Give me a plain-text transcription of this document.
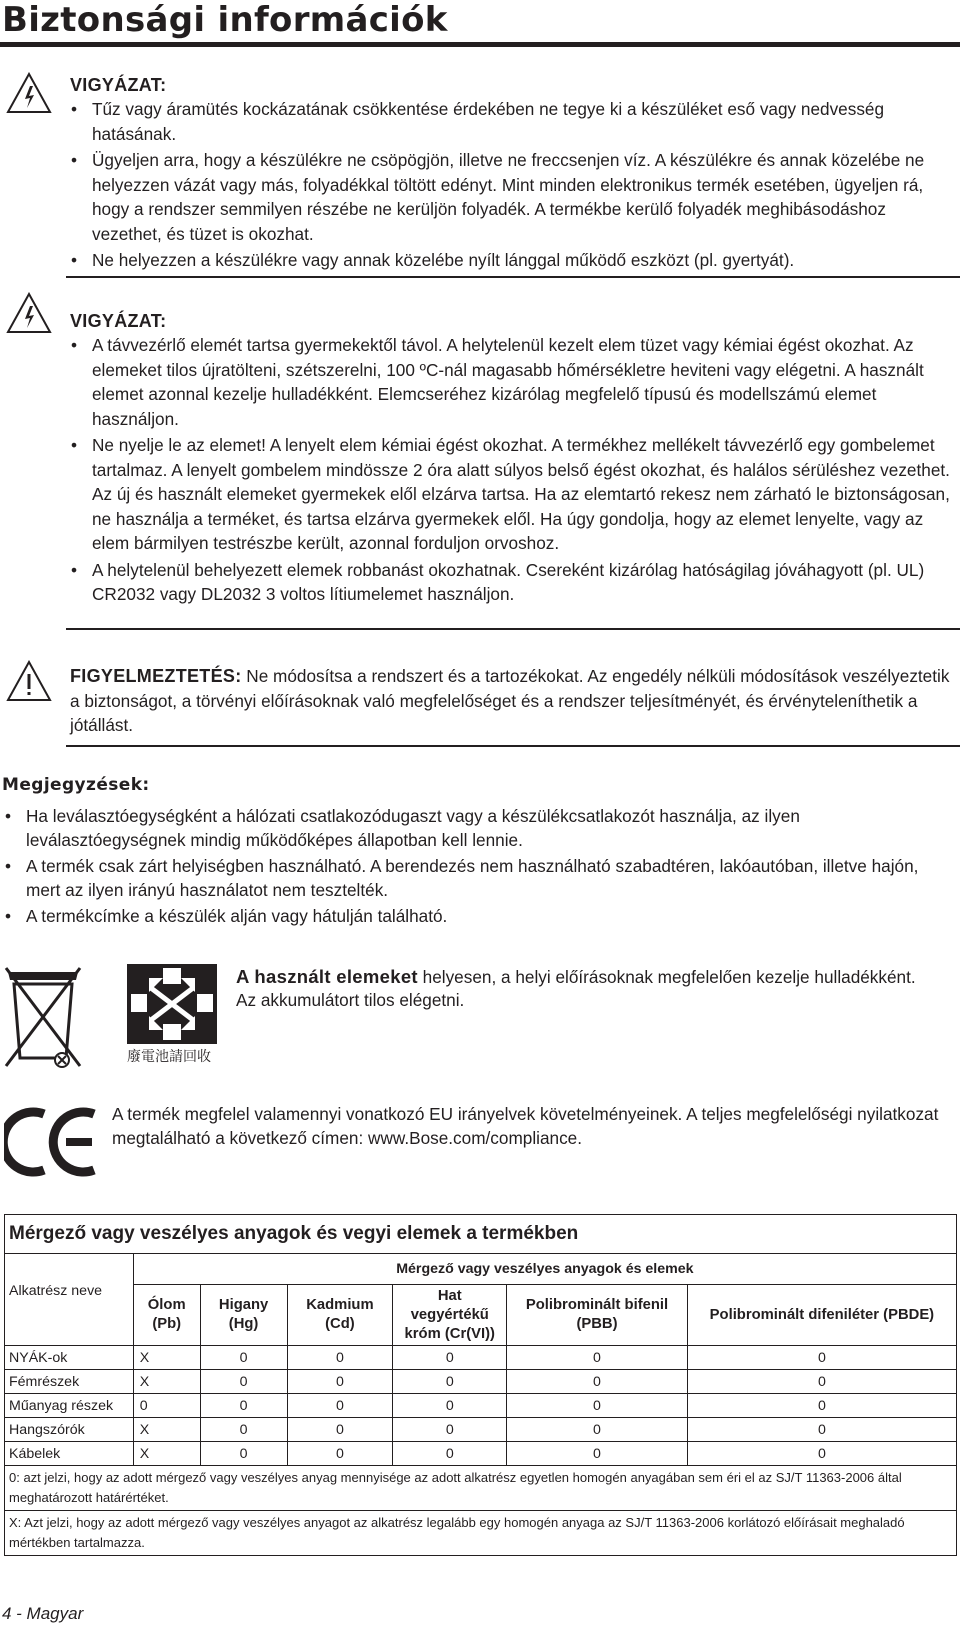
Biztonsági információk
VIGYÁZAT:
• Tűz vagy áramütés kockázatának csökkentése érdekében ne tegye ki a készüléket eső vagy nedvesség hatásának.
• Ügyeljen arra, hogy a készülékre ne csöpögjön, illetve ne freccsenjen víz. A készülékre és annak közelébe ne helyezzen vázát vagy más, folyadékkal töltött edényt. Mint minden elektronikus termék esetében, ügyeljen rá, hogy a rendszer semmilyen részébe ne kerüljön folyadék. A termékbe kerülő folyadék meghibásodáshoz vezethet, és tüzet is okozhat.
• Ne helyezzen a készülékre vagy annak közelébe nyílt lánggal működő eszközt (pl. gyertyát).
VIGYÁZAT:
• A távvezérlő elemét tartsa gyermekektől távol. A helytelenül kezelt elem tüzet vagy kémiai égést okozhat. Az elemeket tilos újratölteni, szétszerelni, 100 ºC-nál magasabb hőmérsékletre heviteni vagy elégetni. A használt elemet azonnal kezelje hulladékként. Elemcseréhez kizárólag megfelelő típusú és modellszámú elemet használjon.
• Ne nyelje le az elemet! A lenyelt elem kémiai égést okozhat. A termékhez mellékelt távvezérlő egy gombelemet tartalmaz. A lenyelt gombelem mindössze 2 óra alatt súlyos belső égést okozhat, és halálos sérüléshez vezethet. Az új és használt elemeket gyermekek elől elzárva tartsa. Ha az elemtartó rekesz nem zárható le biztonságosan, ne használja a terméket, és tartsa elzárva gyermekek elől. Ha úgy gondolja, hogy az elemet lenyelte, vagy az elem bármilyen testrészbe került, azonnal forduljon orvoshoz.
• A helytelenül behelyezett elemek robbanást okozhatnak. Csereként kizárólag hatóságilag jóváhagyott (pl. UL) CR2032 vagy DL2032 3 voltos lítiumelemet használjon.
FIGYELMEZTETÉS: Ne módosítsa a rendszert és a tartozékokat. Az engedély nélküli módosítások veszélyeztetik a biztonságot, a törvényi előírásoknak való megfelelőséget és a rendszer teljesítményét, és érvényteleníthetik a jótállást.
Megjegyzések:
• Ha leválasztóegységként a hálózati csatlakozódugaszt vagy a készülékcsatlakozót használja, az ilyen leválasztóegységnek mindig működőképes állapotban kell lennie.
• A termék csak zárt helyiségben használható. A berendezés nem használható szabadtéren, lakóautóban, illetve hajón, mert az ilyen irányú használatot nem tesztelték.
• A termékcímke a készülék alján vagy hátulján található.
廢電池請回收
A használt elemeket helyesen, a helyi előírásoknak megfelelően kezelje hulladékként.
Az akkumulátort tilos elégetni.
A termék megfelel valamennyi vonatkozó EU irányelvek követelményeinek. A teljes megfelelőségi nyilatkozat megtalálható a következő címen: www.Bose.com/compliance.
Mérgező vagy veszélyes anyagok és vegyi elemek a termékben						
Alkatrész neve	Mérgező vagy veszélyes anyagok és elemek					
	Ólom (Pb)	Higany (Hg)	Kadmium (Cd)	Hat vegyértékű króm (Cr(VI))	Polibrominált bifenil (PBB)	Polibrominált difeniléter (PBDE)
NYÁK-ok	X	0	0	0	0	0
Fémrészek	X	0	0	0	0	0
Műanyag részek	0	0	0	0	0	0
Hangszórók	X	0	0	0	0	0
Kábelek	X	0	0	0	0	0
0: azt jelzi, hogy az adott mérgező vagy veszélyes anyag mennyisége az adott alkatrész egyetlen homogén anyagában sem éri el az SJ/T 11363-2006 által meghatározott határértéket.						
X: Azt jelzi, hogy az adott mérgező vagy veszélyes anyagot az alkatrész legalább egy homogén anyaga az SJ/T 11363-2006 korlátozó előírásait meghaladó mértékben tartalmazza.						
4 - Magyar
